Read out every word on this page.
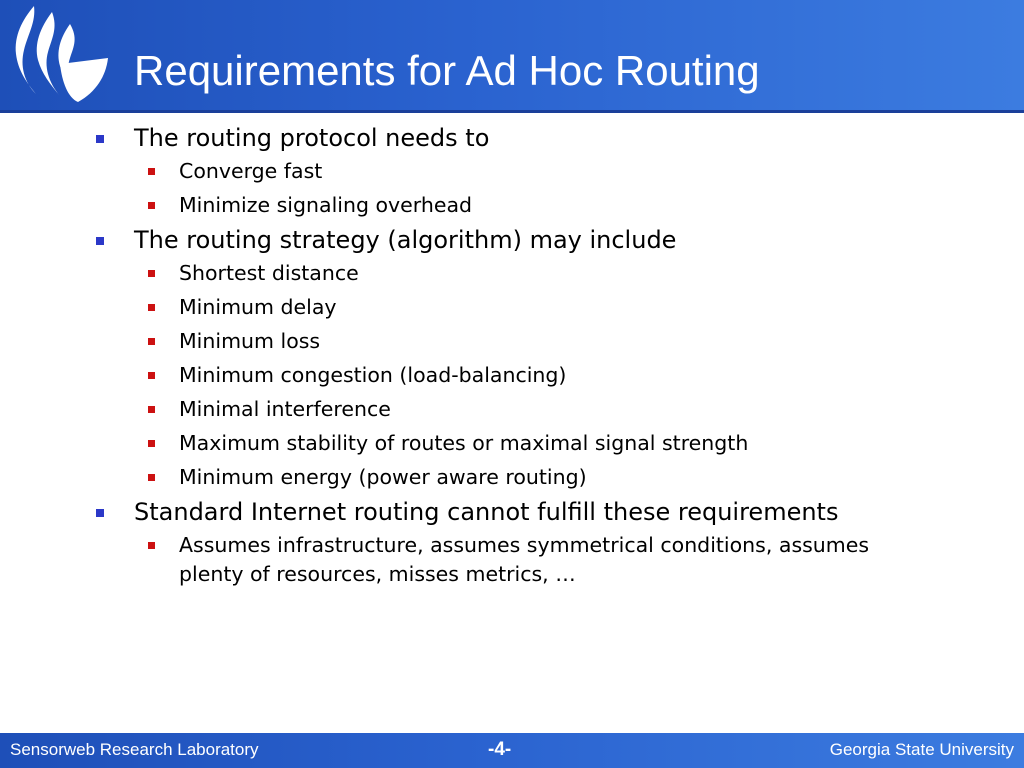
Requirements for Ad Hoc Routing
The routing protocol needs to
Converge fast
Minimize signaling overhead
The routing strategy (algorithm) may include
Shortest distance
Minimum delay
Minimum loss
Minimum congestion (load-balancing)
Minimal interference
Maximum stability of routes or maximal signal strength
Minimum energy (power aware routing)
Standard Internet routing cannot fulfill these requirements
Assumes infrastructure, assumes symmetrical conditions, assumes plenty of resources, misses metrics, …
Sensorweb Research Laboratory	-4-	Georgia State University
